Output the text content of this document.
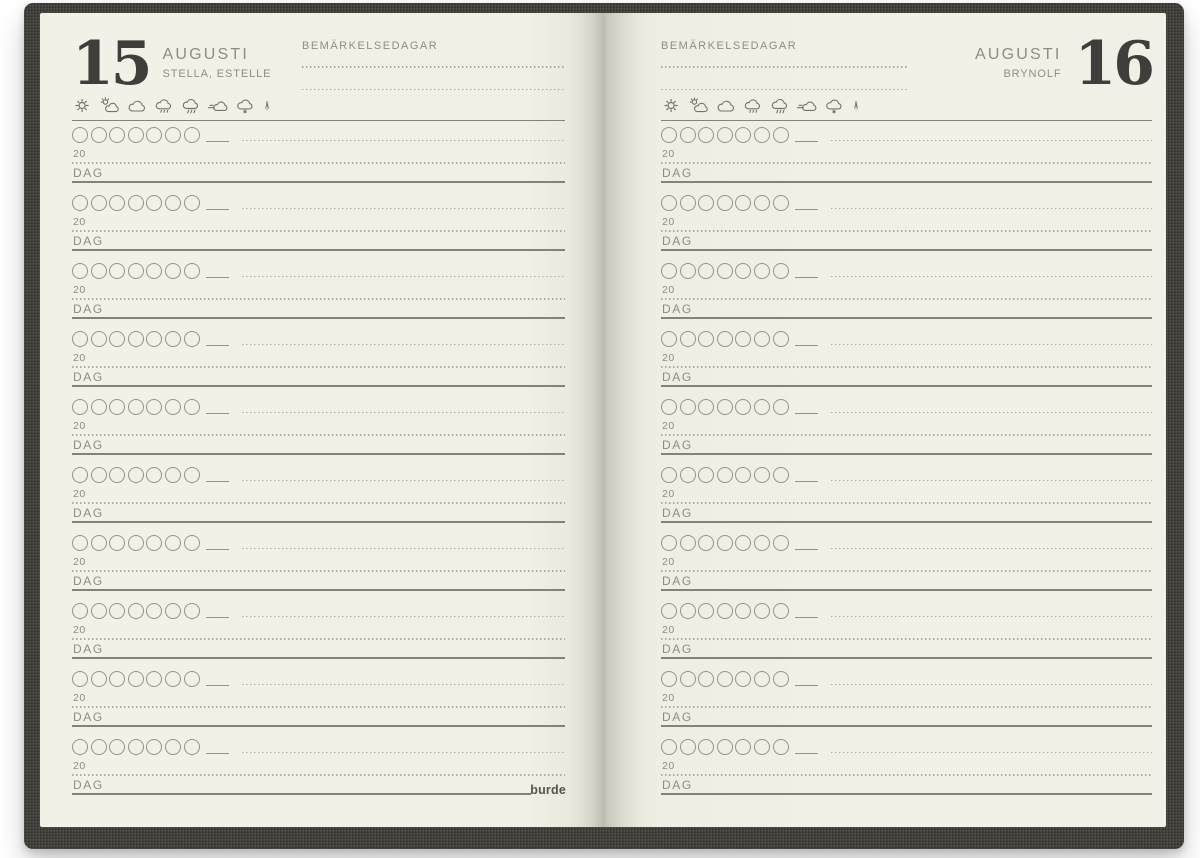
15 AUGUSTI
STELLA, ESTELLE
BEMÄRKELSEDAGAR
20
DAG
20
DAG
20
DAG
20
DAG
20
DAG
20
DAG
20
DAG
20
DAG
20
DAG
20
DAG	burde
16
AUGUSTI
BRYNOLF
BEMÄRKELSEDAGAR
20
DAG
20
DAG
20
DAG
20
DAG
20
DAG
20
DAG
20
DAG
20
DAG
20
DAG
20
DAG
